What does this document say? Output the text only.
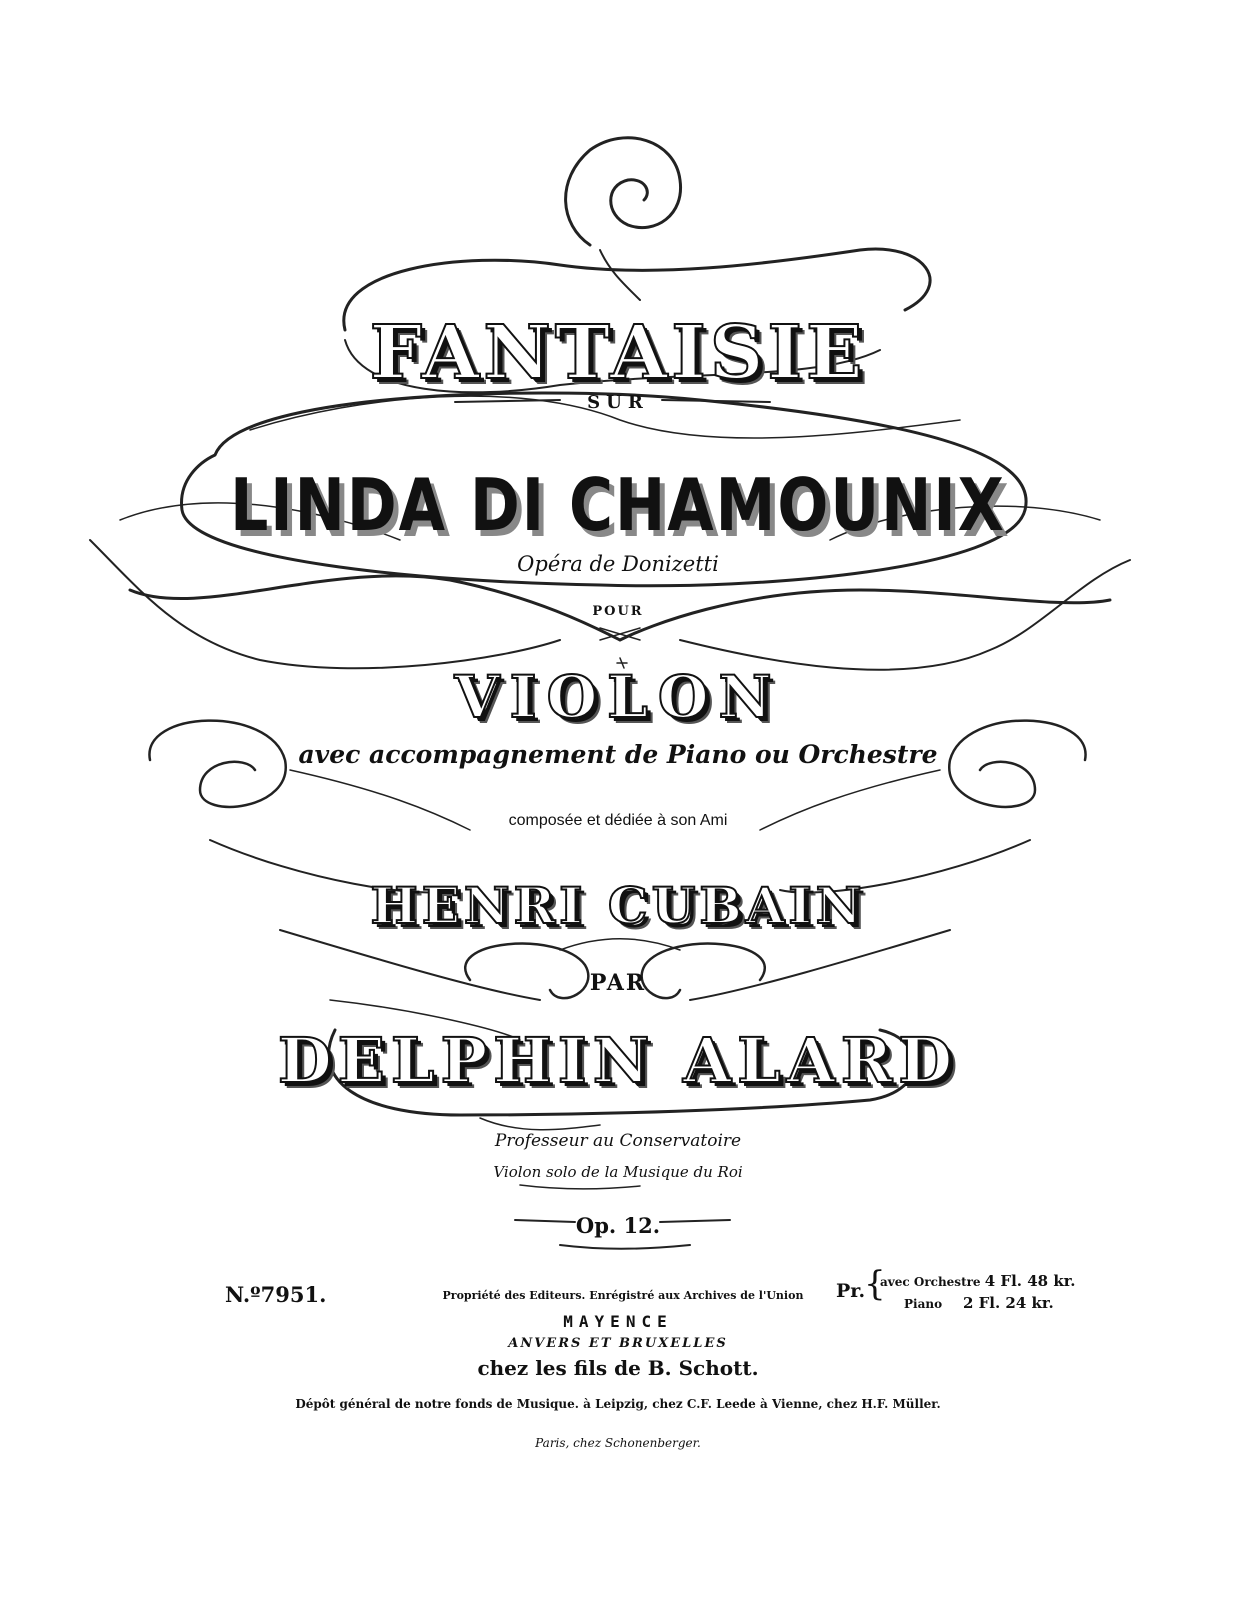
FANTAISIE
SUR
LINDA DI CHAMOUNIX
Opéra de Donizetti
POUR
VIOLON
avec accompagnement de Piano ou Orchestre
composée et dédiée à son Ami
HENRI CUBAIN
PAR
DELPHIN ALARD
Professeur au Conservatoire
Violon solo de la Musique du Roi
Op. 12.
N.º7951.	Propriété des Editeurs. Enrégistré aux Archives de l'Union	Pr.
{
avec Orchestre 4 Fl. 48 kr.
Piano 2 Fl. 24 kr.
MAYENCE
ANVERS ET BRUXELLES
chez les fils de B. Schott.
Dépôt général de notre fonds de Musique. à Leipzig, chez C.F. Leede à Vienne, chez H.F. Müller.
Paris, chez Schonenberger.
